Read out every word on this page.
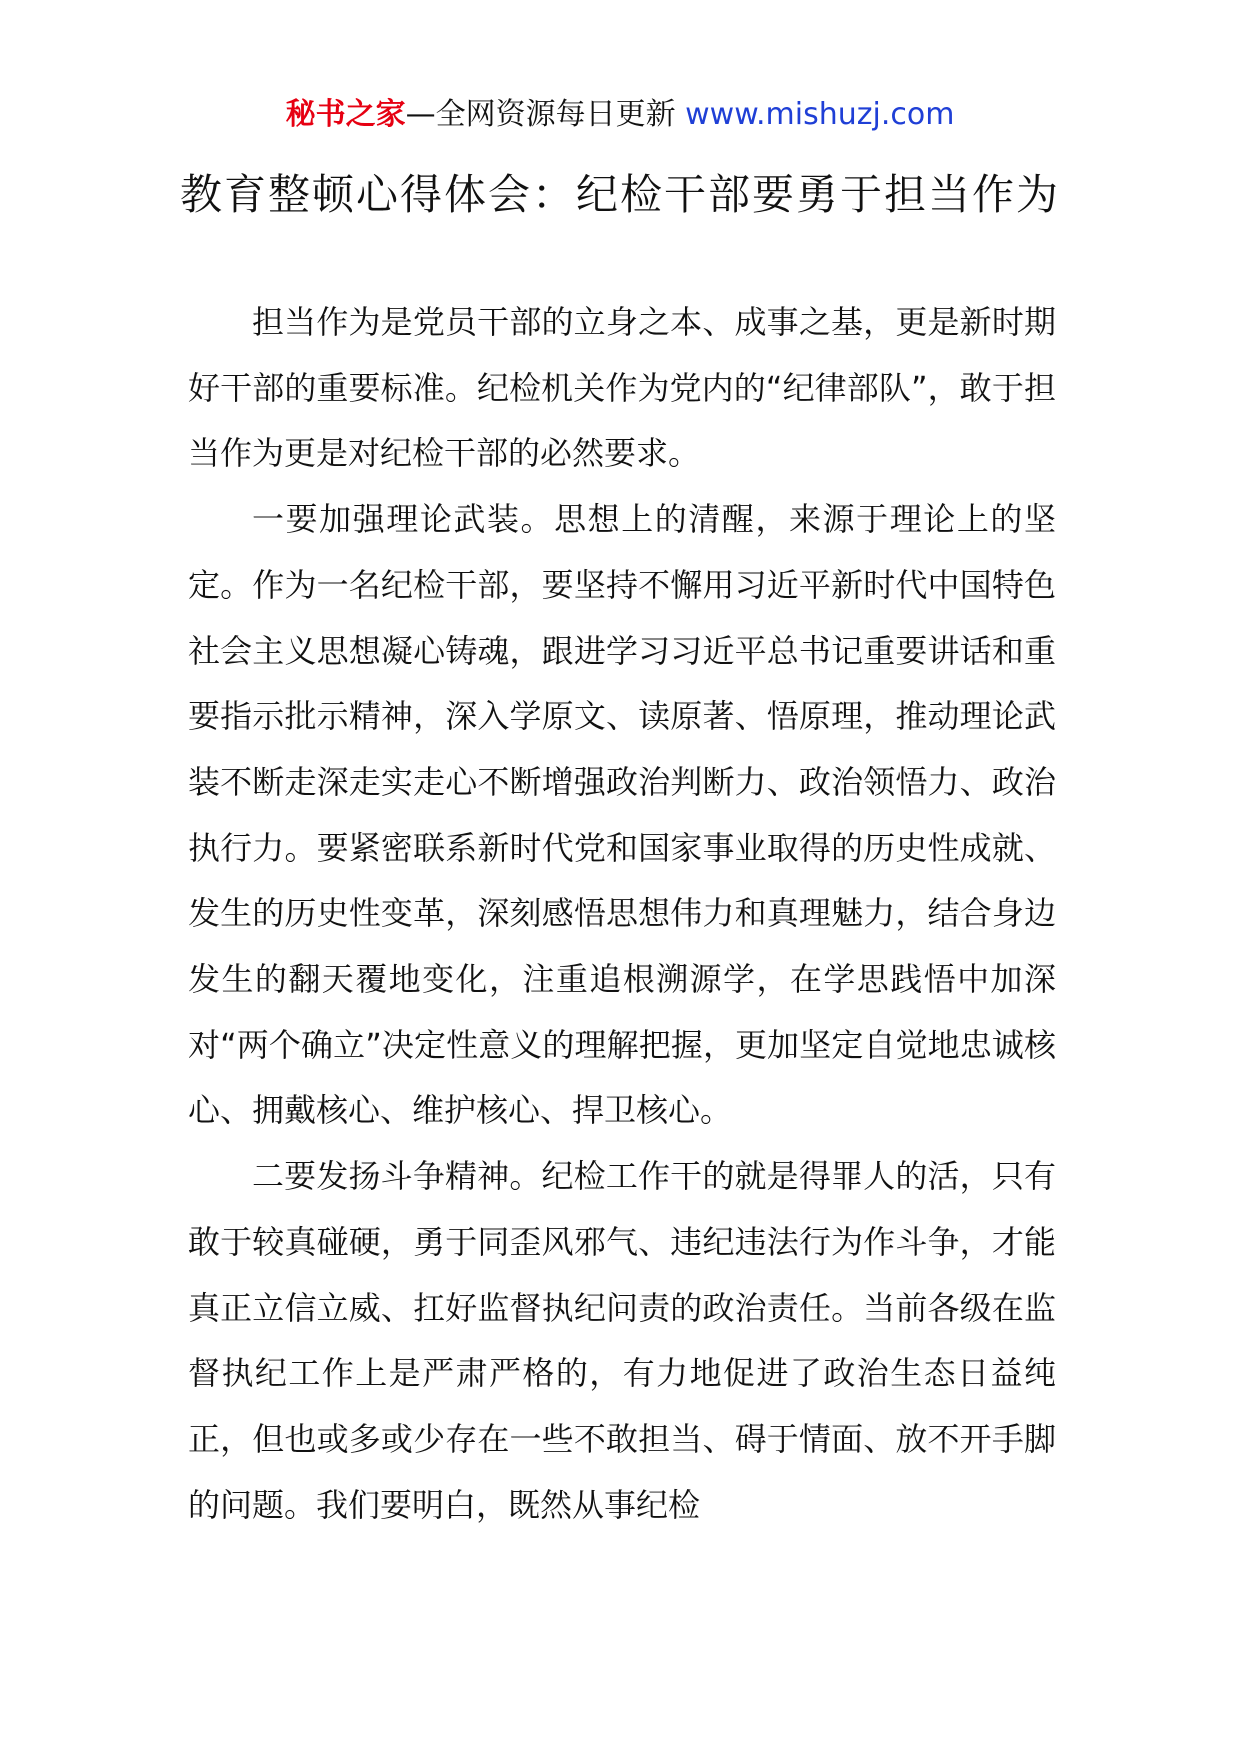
秘书之家—全网资源每日更新 www.mishuzj.com
教育整顿心得体会：纪检干部要勇于担当作为

担当作为是党员干部的立身之本、成事之基，更是新时期好干部的重要标准。纪检机关作为党内的“纪律部队”，敢于担当作为更是对纪检干部的必然要求。

一要加强理论武装。思想上的清醒，来源于理论上的坚定。作为一名纪检干部，要坚持不懈用习近平新时代中国特色社会主义思想凝心铸魂，跟进学习习近平总书记重要讲话和重要指示批示精神，深入学原文、读原著、悟原理，推动理论武装不断走深走实走心不断增强政治判断力、政治领悟力、政治执行力。要紧密联系新时代党和国家事业取得的历史性成就、发生的历史性变革，深刻感悟思想伟力和真理魅力，结合身边发生的翻天覆地变化，注重追根溯源学，在学思践悟中加深对“两个确立”决定性意义的理解把握，更加坚定自觉地忠诚核心、拥戴核心、维护核心、捍卫核心。

二要发扬斗争精神。纪检工作干的就是得罪人的活，只有敢于较真碰硬，勇于同歪风邪气、违纪违法行为作斗争，才能真正立信立威、扛好监督执纪问责的政治责任。当前各级在监督执纪工作上是严肃严格的，有力地促进了政治生态日益纯正，但也或多或少存在一些不敢担当、碍于情面、放不开手脚的问题。我们要明白，既然从事纪检
